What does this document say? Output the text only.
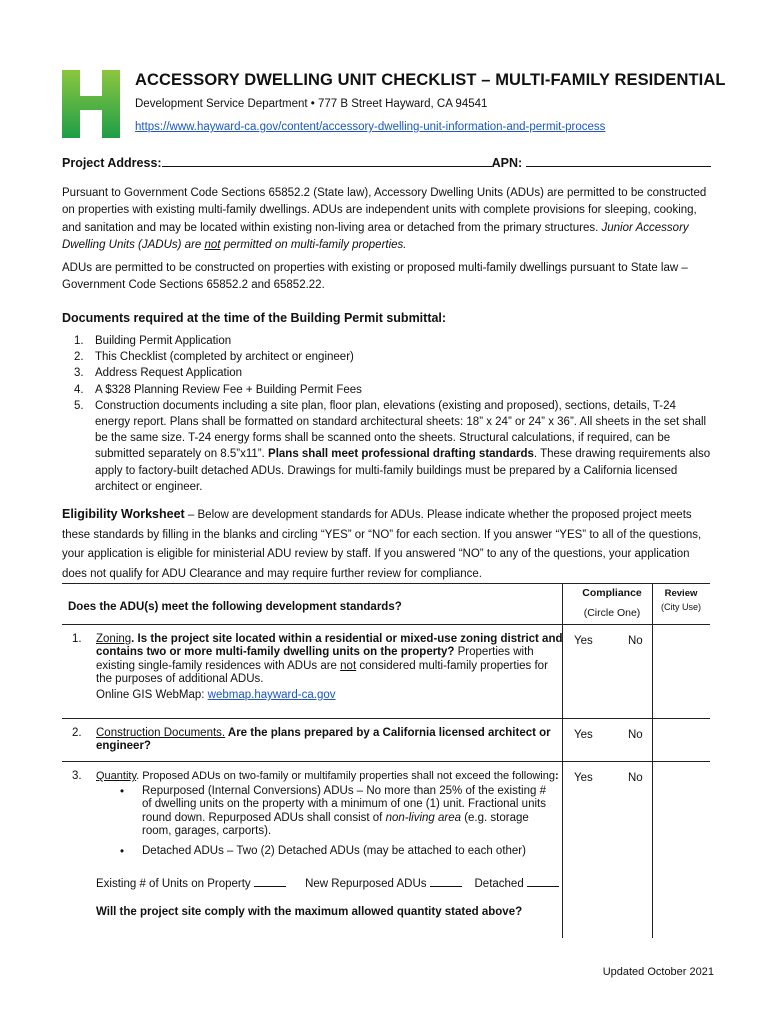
ACCESSORY DWELLING UNIT CHECKLIST – MULTI-FAMILY RESIDENTIAL
Development Service Department • 777 B Street Hayward, CA 94541
https://www.hayward-ca.gov/content/accessory-dwelling-unit-information-and-permit-process
Project Address:	APN:
Pursuant to Government Code Sections 65852.2 (State law), Accessory Dwelling Units (ADUs) are permitted to be constructed on properties with existing multi-family dwellings. ADUs are independent units with complete provisions for sleeping, cooking, and sanitation and may be located within existing non-living area or detached from the primary structures. Junior Accessory Dwelling Units (JADUs) are not permitted on multi-family properties.
ADUs are permitted to be constructed on properties with existing or proposed multi-family dwellings pursuant to State law – Government Code Sections 65852.2 and 65852.22.
Documents required at the time of the Building Permit submittal:
1. Building Permit Application
2. This Checklist (completed by architect or engineer)
3. Address Request Application
4. A $328 Planning Review Fee + Building Permit Fees
5. Construction documents including a site plan, floor plan, elevations (existing and proposed), sections, details, T-24 energy report. Plans shall be formatted on standard architectural sheets: 18” x 24” or 24” x 36”. All sheets in the set shall be the same size. T-24 energy forms shall be scanned onto the sheets. Structural calculations, if required, can be submitted separately on 8.5”x11”. Plans shall meet professional drafting standards. These drawing requirements also apply to factory-built detached ADUs. Drawings for multi-family buildings must be prepared by a California licensed architect or engineer.
Eligibility Worksheet – Below are development standards for ADUs. Please indicate whether the proposed project meets these standards by filling in the blanks and circling “YES” or “NO” for each section. If you answer “YES” to all of the questions, your application is eligible for ministerial ADU review by staff. If you answered “NO” to any of the questions, your application does not qualify for ADU Clearance and may require further review for compliance.
Does the ADU(s) meet the following development standards?
Compliance
(Circle One)
Review
(City Use)
1. Zoning. Is the project site located within a residential or mixed-use zoning district and contains two or more multi-family dwelling units on the property? Properties with existing single-family residences with ADUs are not considered multi-family properties for the purposes of additional ADUs.
Online GIS WebMap: webmap.hayward-ca.gov
Yes	No
2. Construction Documents. Are the plans prepared by a California licensed architect or engineer?
Yes	No
3. Quantity. Proposed ADUs on two-family or multifamily properties shall not exceed the following:
• Repurposed (Internal Conversions) ADUs – No more than 25% of the existing # of dwelling units on the property with a minimum of one (1) unit. Fractional units round down. Repurposed ADUs shall consist of non-living area (e.g. storage room, garages, carports).
• Detached ADUs – Two (2) Detached ADUs (may be attached to each other)
Existing # of Units on Property	New Repurposed ADUs	Detached
Will the project site comply with the maximum allowed quantity stated above?
Yes	No
Updated October 2021
